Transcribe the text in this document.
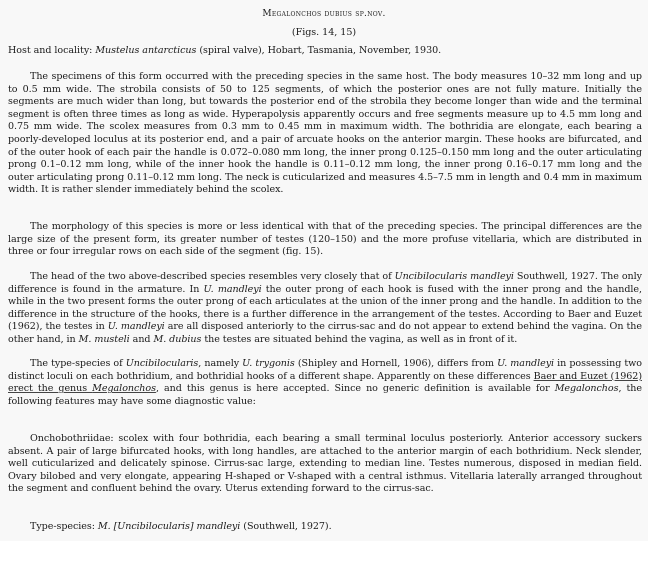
Megalonchos dubius sp.nov.
(Figs. 14, 15)
Host and locality: Mustelus antarcticus (spiral valve), Hobart, Tasmania, November, 1930.
The specimens of this form occurred with the preceding species in the same host. The body measures 10–32 mm long and up to 0.5 mm wide. The strobila consists of 50 to 125 segments, of which the posterior ones are not fully mature. Initially the segments are much wider than long, but towards the posterior end of the strobila they become longer than wide and the terminal segment is often three times as long as wide. Hyperapolysis apparently occurs and free segments measure up to 4.5 mm long and 0.75 mm wide. The scolex measures from 0.3 mm to 0.45 mm in maximum width. The bothridia are elongate, each bearing a poorly-developed loculus at its posterior end, and a pair of arcuate hooks on the anterior margin. These hooks are bifurcated, and of the outer hook of each pair the handle is 0.072–0.080 mm long, the inner prong 0.125–0.150 mm long and the outer articulating prong 0.1–0.12 mm long, while of the inner hook the handle is 0.11–0.12 mm long, the inner prong 0.16–0.17 mm long and the outer articulating prong 0.11–0.12 mm long. The neck is cuticularized and measures 4.5–7.5 mm in length and 0.4 mm in maximum width. It is rather slender immediately behind the scolex.
The morphology of this species is more or less identical with that of the preceding species. The principal differences are the large size of the present form, its greater number of testes (120–150) and the more profuse vitellaria, which are distributed in three or four irregular rows on each side of the segment (fig. 15).
The head of the two above-described species resembles very closely that of Uncibilocularis mandleyi Southwell, 1927. The only difference is found in the armature. In U. mandleyi the outer prong of each hook is fused with the inner prong and the handle, while in the two present forms the outer prong of each articulates at the union of the inner prong and the handle. In addition to the difference in the structure of the hooks, there is a further difference in the arrangement of the testes. According to Baer and Euzet (1962), the testes in U. mandleyi are all disposed anteriorly to the cirrus-sac and do not appear to extend behind the vagina. On the other hand, in M. musteli and M. dubius the testes are situated behind the vagina, as well as in front of it.
The type-species of Uncibilocularis, namely U. trygonis (Shipley and Hornell, 1906), differs from U. mandleyi in possessing two distinct loculi on each bothridium, and bothridial hooks of a different shape. Apparently on these differences Baer and Euzet (1962) erect the genus Megalonchos, and this genus is here accepted. Since no generic definition is available for Megalonchos, the following features may have some diagnostic value:
Onchobothriidae: scolex with four bothridia, each bearing a small terminal loculus posteriorly. Anterior accessory suckers absent. A pair of large bifurcated hooks, with long handles, are attached to the anterior margin of each bothridium. Neck slender, well cuticularized and delicately spinose. Cirrus-sac large, extending to median line. Testes numerous, disposed in median field. Ovary bilobed and very elongate, appearing H-shaped or V-shaped with a central isthmus. Vitellaria laterally arranged throughout the segment and confluent behind the ovary. Uterus extending forward to the cirrus-sac.
Type-species: M. [Uncibilocularis] mandleyi (Southwell, 1927).
